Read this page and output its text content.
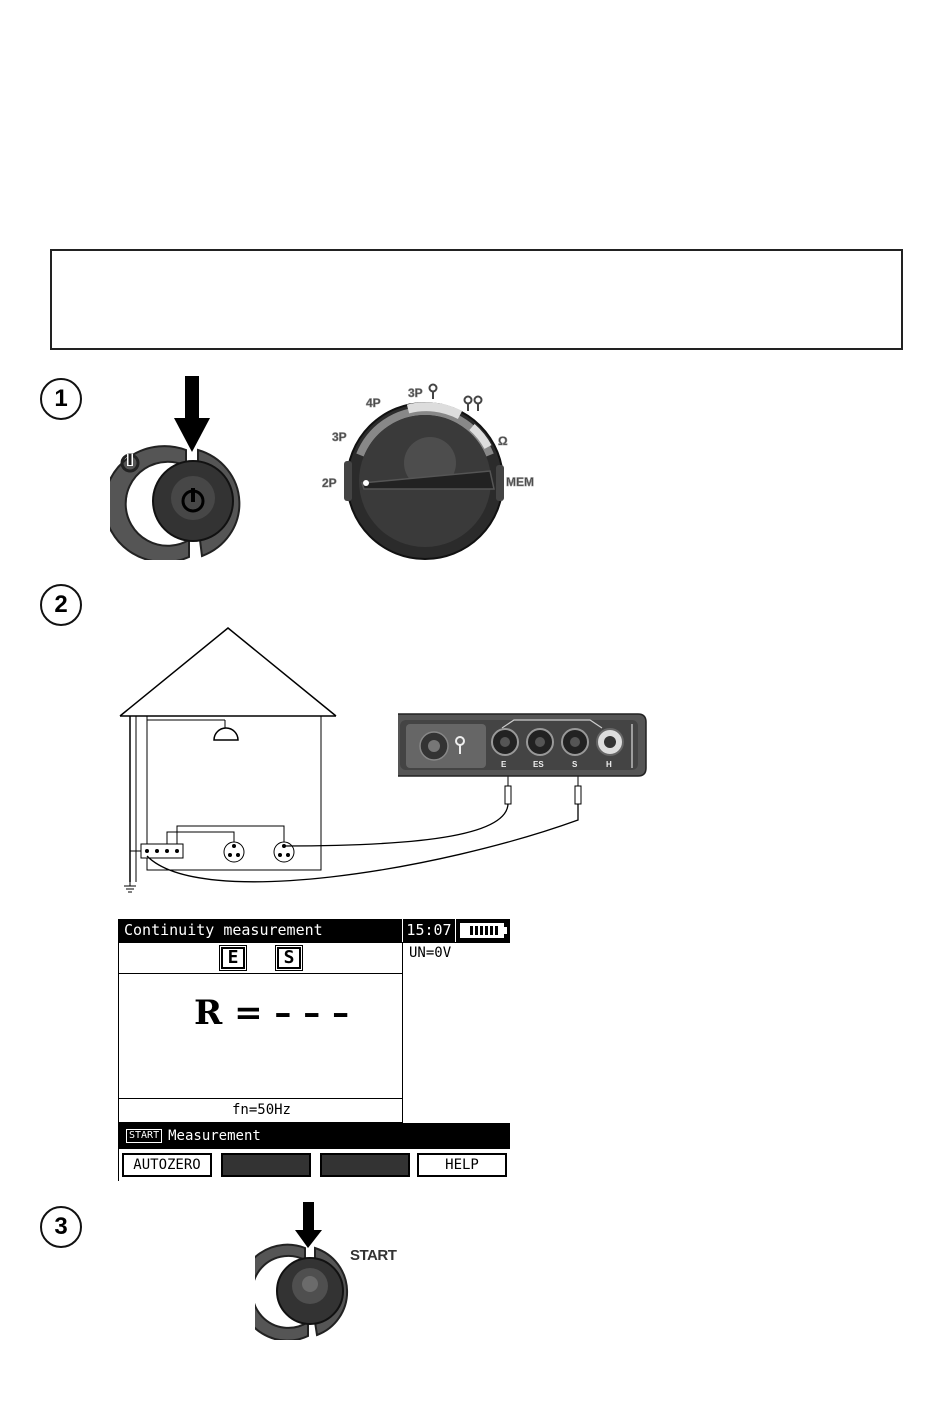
1
2P
3P
4P
3P
Ω
MEM
2
E	ES	S	H
Continuity measurement	15:07
E	S
R = – – –
fn=50Hz
UN=0V
START Measurement
AUTOZERO	HELP
3
START
